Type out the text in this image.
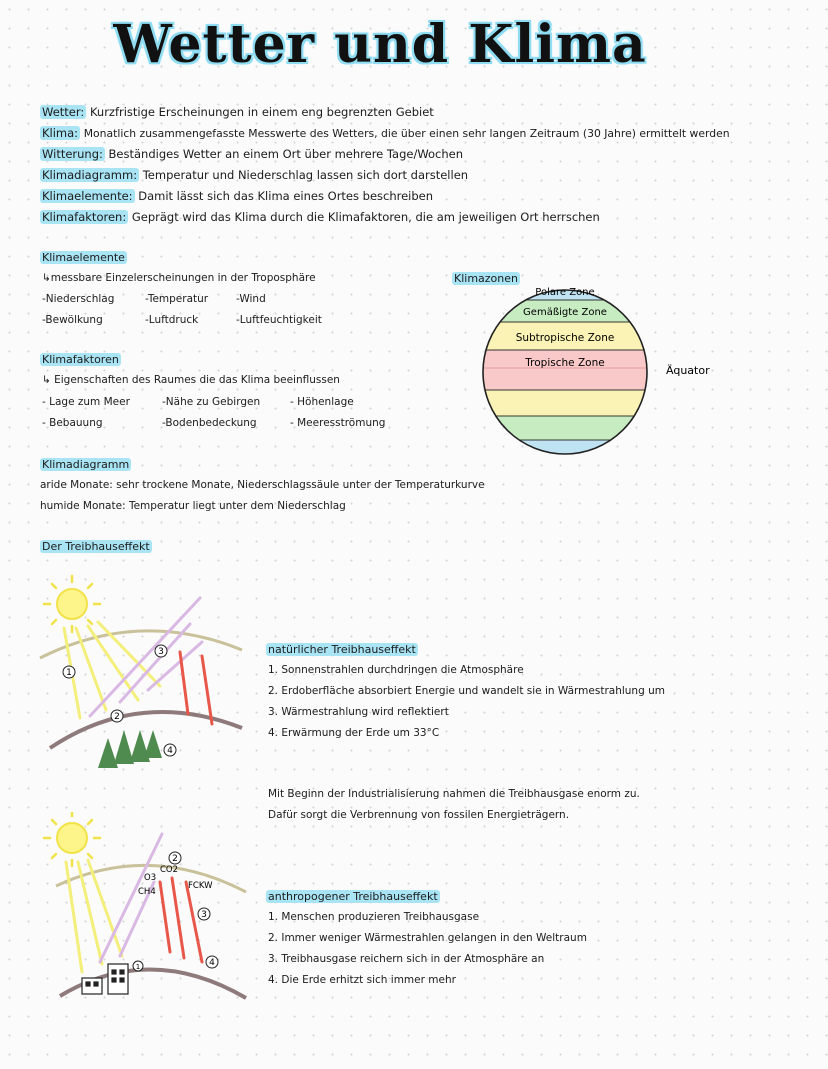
Wetter und Klima
Wetter: Kurzfristige Erscheinungen in einem eng begrenzten Gebiet
Klima: Monatlich zusammengefasste Messwerte des Wetters, die über einen sehr langen Zeitraum (30 Jahre) ermittelt werden
Witterung: Beständiges Wetter an einem Ort über mehrere Tage/Wochen
Klimadiagramm: Temperatur und Niederschlag lassen sich dort darstellen
Klimaelemente: Damit lässt sich das Klima eines Ortes beschreiben
Klimafaktoren: Geprägt wird das Klima durch die Klimafaktoren, die am jeweiligen Ort herrschen
Klimaelemente
↳messbare Einzelerscheinungen in der Troposphäre
-Niederschlag	-Temperatur	-Wind
-Bewölkung	-Luftdruck	-Luftfeuchtigkeit
Klimafaktoren
↳ Eigenschaften des Raumes die das Klima beeinflussen
- Lage zum Meer	-Nähe zu Gebirgen	- Höhenlage
- Bebauung	-Bodenbedeckung	- Meeresströmung
Klimadiagramm
aride Monate: sehr trockene Monate, Niederschlagssäule unter der Temperaturkurve
humide Monate: Temperatur liegt unter dem Niederschlag
Klimazonen
Polare Zone
Gemäßigte Zone
Subtropische Zone
Tropische Zone
Äquator
Der Treibhauseffekt
1
2
3
4
natürlicher Treibhauseffekt
1. Sonnenstrahlen durchdringen die Atmosphäre
2. Erdoberfläche absorbiert Energie und wandelt sie in Wärmestrahlung um
3. Wärmestrahlung wird reflektiert
4. Erwärmung der Erde um 33°C
Mit Beginn der Industrialisierung nahmen die Treibhausgase enorm zu.
Dafür sorgt die Verbrennung von fossilen Energieträgern.
O3
CO2
CH4
FCKW
2
3
4
1
anthropogener Treibhauseffekt
1. Menschen produzieren Treibhausgase
2. Immer weniger Wärmestrahlen gelangen in den Weltraum
3. Treibhausgase reichern sich in der Atmosphäre an
4. Die Erde erhitzt sich immer mehr
